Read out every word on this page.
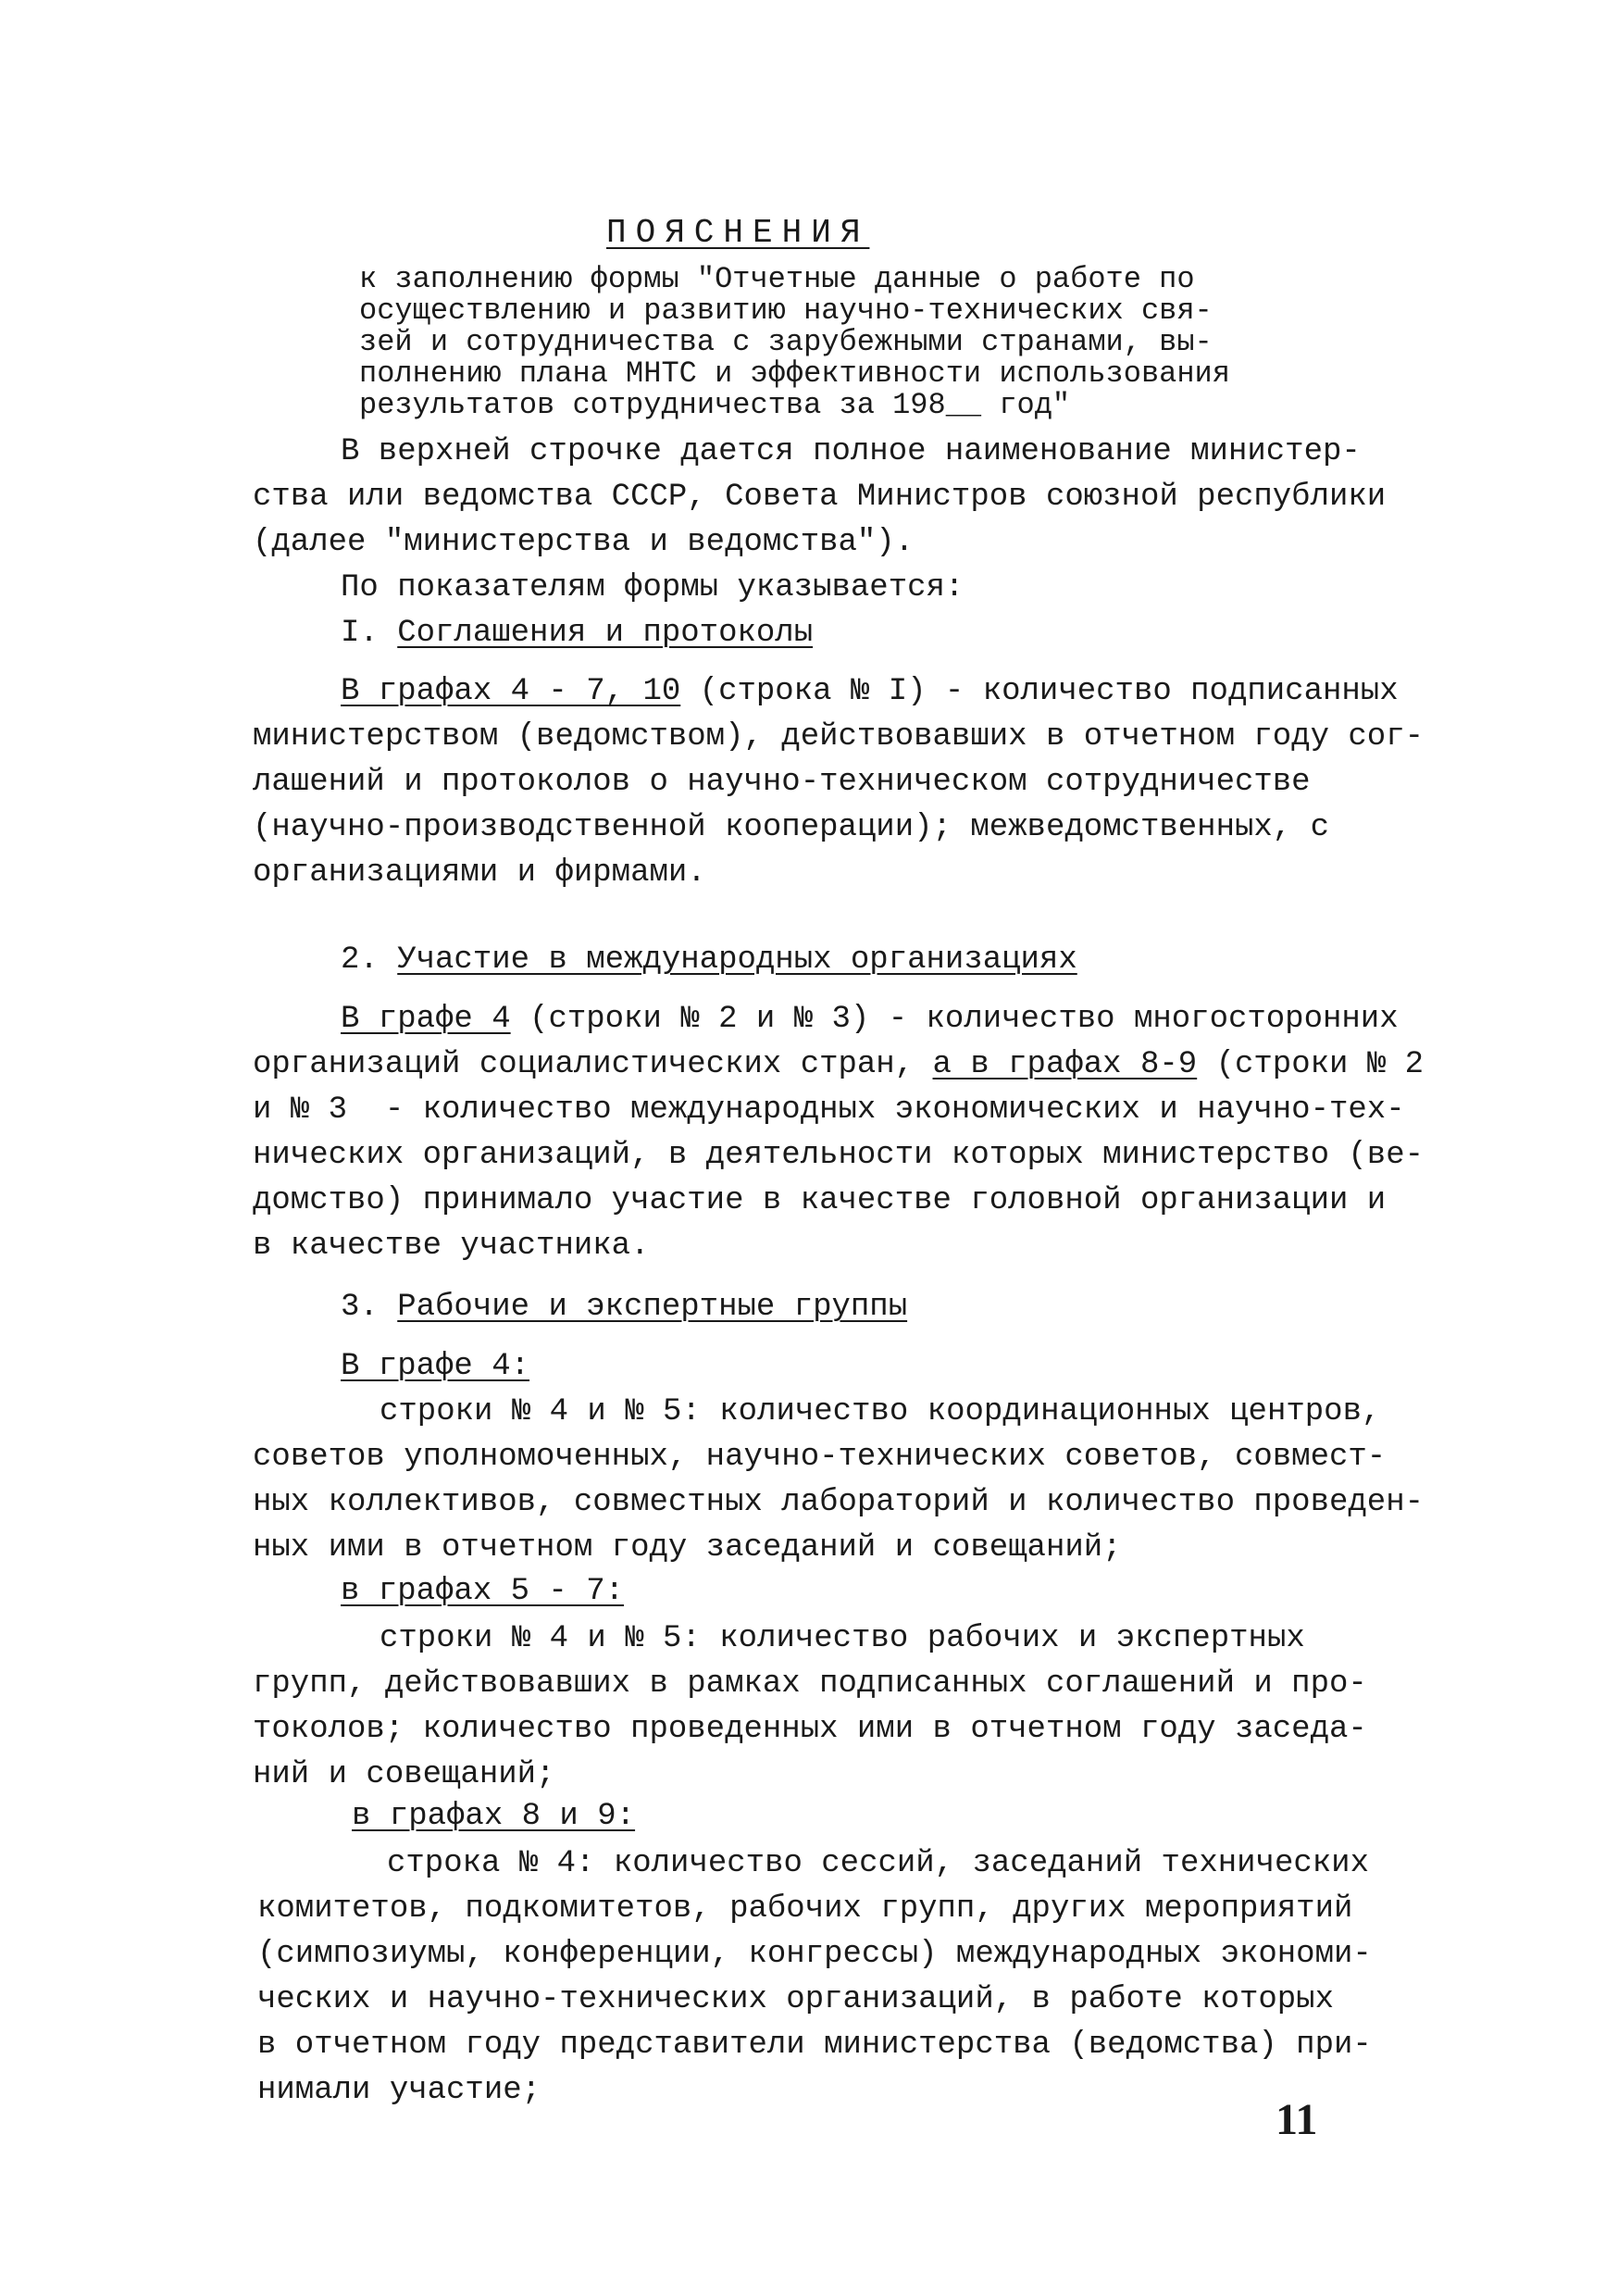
ПОЯСНЕНИЯ
к заполнению формы "Отчетные данные о работе по
осуществлению и развитию научно-технических свя-
зей и сотрудничества с зарубежными странами, вы-
полнению плана МНТС и эффективности использования
результатов сотрудничества за 198__ год"
В верхней строчке дается полное наименование министер-
ства или ведомства СССР, Совета Министров союзной республики
(далее "министерства и ведомства").
По показателям формы указывается:
I. Соглашения и протоколы
В графах 4 - 7, 10 (строка № I) - количество подписанных
министерством (ведомством), действовавших в отчетном году сог-
лашений и протоколов о научно-техническом сотрудничестве
(научно-производственной кооперации); межведомственных, с
организациями и фирмами.
2. Участие в международных организациях
В графе 4 (строки № 2 и № 3) - количество многосторонних
организаций социалистических стран, а в графах 8-9 (строки № 2
и № 3  - количество международных экономических и научно-тех-
нических организаций, в деятельности которых министерство (ве-
домство) принимало участие в качестве головной организации и
в качестве участника.
3. Рабочие и экспертные группы
В графе 4:
строки № 4 и № 5: количество координационных центров,
советов уполномоченных, научно-технических советов, совмест-
ных коллективов, совместных лабораторий и количество проведен-
ных ими в отчетном году заседаний и совещаний;
в графах 5 - 7:
строки № 4 и № 5: количество рабочих и экспертных
групп, действовавших в рамках подписанных соглашений и про-
токолов; количество проведенных ими в отчетном году заседа-
ний и совещаний;
в графах 8 и 9:
строка № 4: количество сессий, заседаний технических
комитетов, подкомитетов, рабочих групп, других мероприятий
(симпозиумы, конференции, конгрессы) международных экономи-
ческих и научно-технических организаций, в работе которых
в отчетном году представители министерства (ведомства) при-
нимали участие;
11
